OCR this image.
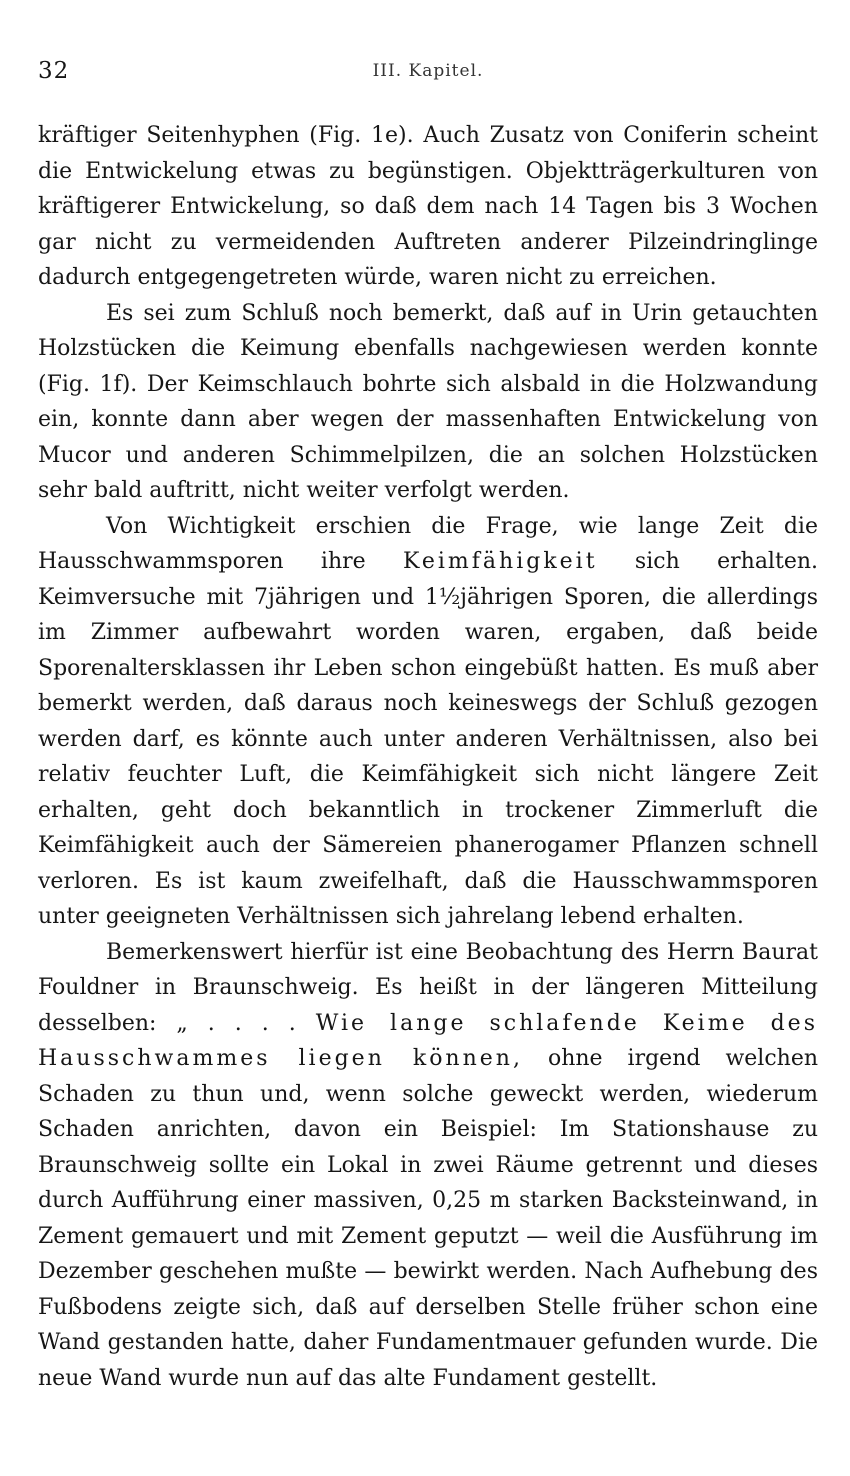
32	III. Kapitel.

kräftiger Seitenhyphen (Fig. 1e). Auch Zusatz von Coniferin scheint die Entwickelung etwas zu begünstigen. Objektträgerkulturen von kräftigerer Entwickelung, so daß dem nach 14 Tagen bis 3 Wochen gar nicht zu vermeidenden Auftreten anderer Pilzeindringlinge dadurch entgegengetreten würde, waren nicht zu erreichen.

Es sei zum Schluß noch bemerkt, daß auf in Urin getauchten Holzstücken die Keimung ebenfalls nachgewiesen werden konnte (Fig. 1f). Der Keimschlauch bohrte sich alsbald in die Holzwandung ein, konnte dann aber wegen der massenhaften Entwickelung von Mucor und anderen Schimmelpilzen, die an solchen Holzstücken sehr bald auftritt, nicht weiter verfolgt werden.

Von Wichtigkeit erschien die Frage, wie lange Zeit die Hausschwammsporen ihre Keimfähigkeit sich erhalten. Keimversuche mit 7jährigen und 1½jährigen Sporen, die allerdings im Zimmer aufbewahrt worden waren, ergaben, daß beide Sporenaltersklassen ihr Leben schon eingebüßt hatten. Es muß aber bemerkt werden, daß daraus noch keineswegs der Schluß gezogen werden darf, es könnte auch unter anderen Verhältnissen, also bei relativ feuchter Luft, die Keimfähigkeit sich nicht längere Zeit erhalten, geht doch bekanntlich in trockener Zimmerluft die Keimfähigkeit auch der Sämereien phanerogamer Pflanzen schnell verloren. Es ist kaum zweifelhaft, daß die Hausschwammsporen unter geeigneten Verhältnissen sich jahrelang lebend erhalten.

Bemerkenswert hierfür ist eine Beobachtung des Herrn Baurat Fouldner in Braunschweig. Es heißt in der längeren Mitteilung desselben: „ . . . . Wie lange schlafende Keime des Hausschwammes liegen können, ohne irgend welchen Schaden zu thun und, wenn solche geweckt werden, wiederum Schaden anrichten, davon ein Beispiel: Im Stationshause zu Braunschweig sollte ein Lokal in zwei Räume getrennt und dieses durch Aufführung einer massiven, 0,25 m starken Backsteinwand, in Zement gemauert und mit Zement geputzt — weil die Ausführung im Dezember geschehen mußte — bewirkt werden. Nach Aufhebung des Fußbodens zeigte sich, daß auf derselben Stelle früher schon eine Wand gestanden hatte, daher Fundamentmauer gefunden wurde. Die neue Wand wurde nun auf das alte Fundament gestellt.
